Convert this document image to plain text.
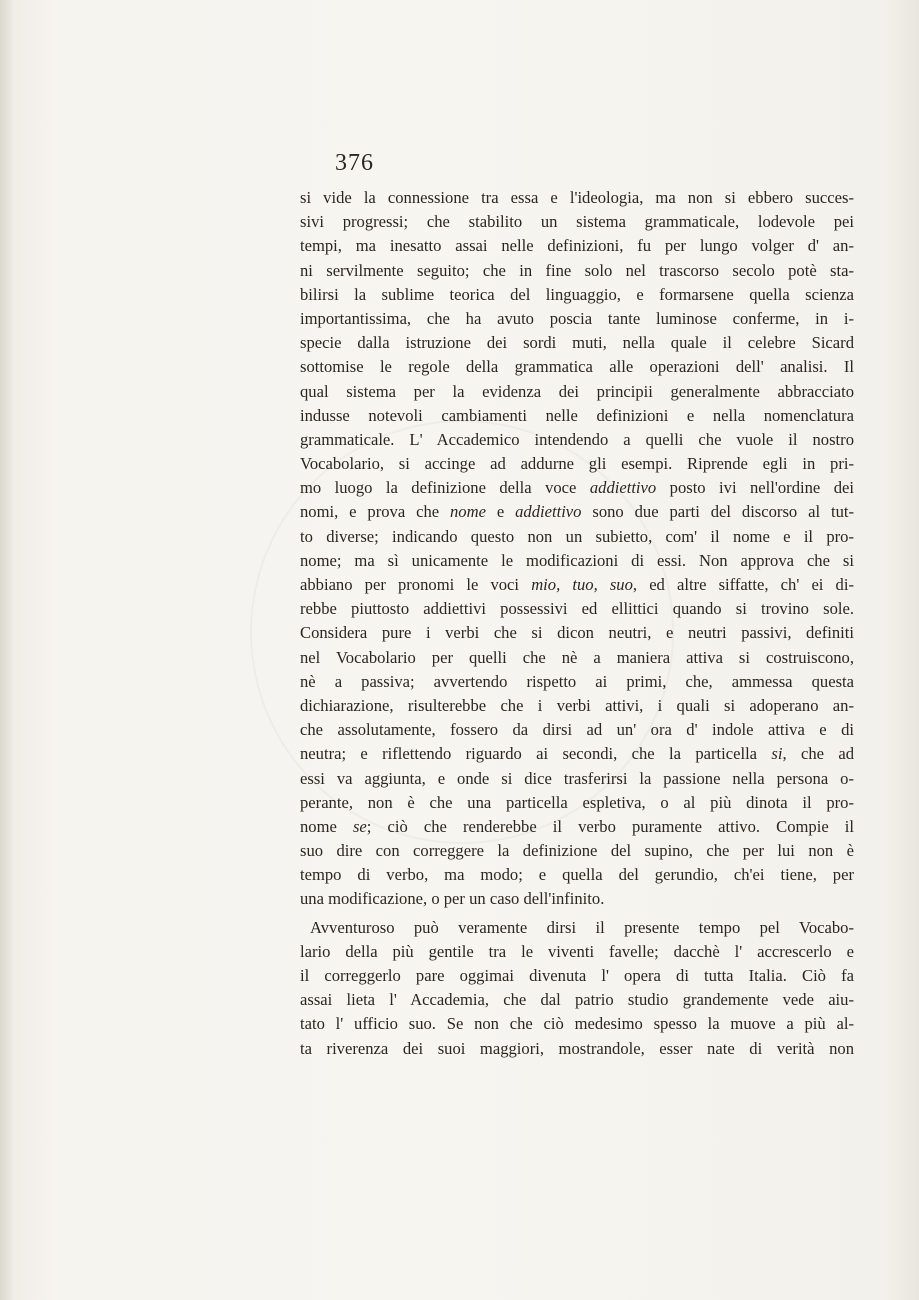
376
si vide la connessione tra essa e l'ideologia, ma non si ebbero succes-
sivi progressi; che stabilito un sistema grammaticale, lodevole pei
tempi, ma inesatto assai nelle definizioni, fu per lungo volger d' an-
ni servilmente seguito; che in fine solo nel trascorso secolo potè sta-
bilirsi la sublime teorica del linguaggio, e formarsene quella scienza
importantissima, che ha avuto poscia tante luminose conferme, in i-
specie dalla istruzione dei sordi muti, nella quale il celebre Sicard
sottomise le regole della grammatica alle operazioni dell' analisi. Il
qual sistema per la evidenza dei principii generalmente abbracciato
indusse notevoli cambiamenti nelle definizioni e nella nomenclatura
grammaticale. L' Accademico intendendo a quelli che vuole il nostro
Vocabolario, si accinge ad addurne gli esempi. Riprende egli in pri-
mo luogo la definizione della voce addiettivo posto ivi nell'ordine dei
nomi, e prova che nome e addiettivo sono due parti del discorso al tut-
to diverse; indicando questo non un subietto, com' il nome e il pro-
nome; ma sì unicamente le modificazioni di essi. Non approva che si
abbiano per pronomi le voci mio, tuo, suo, ed altre siffatte, ch' ei di-
rebbe piuttosto addiettivi possessivi ed ellittici quando si trovino sole.
Considera pure i verbi che si dicon neutri, e neutri passivi, definiti
nel Vocabolario per quelli che nè a maniera attiva si costruiscono,
nè a passiva; avvertendo rispetto ai primi, che, ammessa questa
dichiarazione, risulterebbe che i verbi attivi, i quali si adoperano an-
che assolutamente, fossero da dirsi ad un' ora d' indole attiva e di
neutra; e riflettendo riguardo ai secondi, che la particella si, che ad
essi va aggiunta, e onde si dice trasferirsi la passione nella persona o-
perante, non è che una particella espletiva, o al più dinota il pro-
nome se; ciò che renderebbe il verbo puramente attivo. Compie il
suo dire con correggere la definizione del supino, che per lui non è
tempo di verbo, ma modo; e quella del gerundio, ch'ei tiene, per
una modificazione, o per un caso dell'infinito.
Avventuroso può veramente dirsi il presente tempo pel Vocabo-
lario della più gentile tra le viventi favelle; dacchè l' accrescerlo e
il correggerlo pare oggimai divenuta l' opera di tutta Italia. Ciò fa
assai lieta l' Accademia, che dal patrio studio grandemente vede aiu-
tato l' ufficio suo. Se non che ciò medesimo spesso la muove a più al-
ta riverenza dei suoi maggiori, mostrandole, esser nate di verità non
